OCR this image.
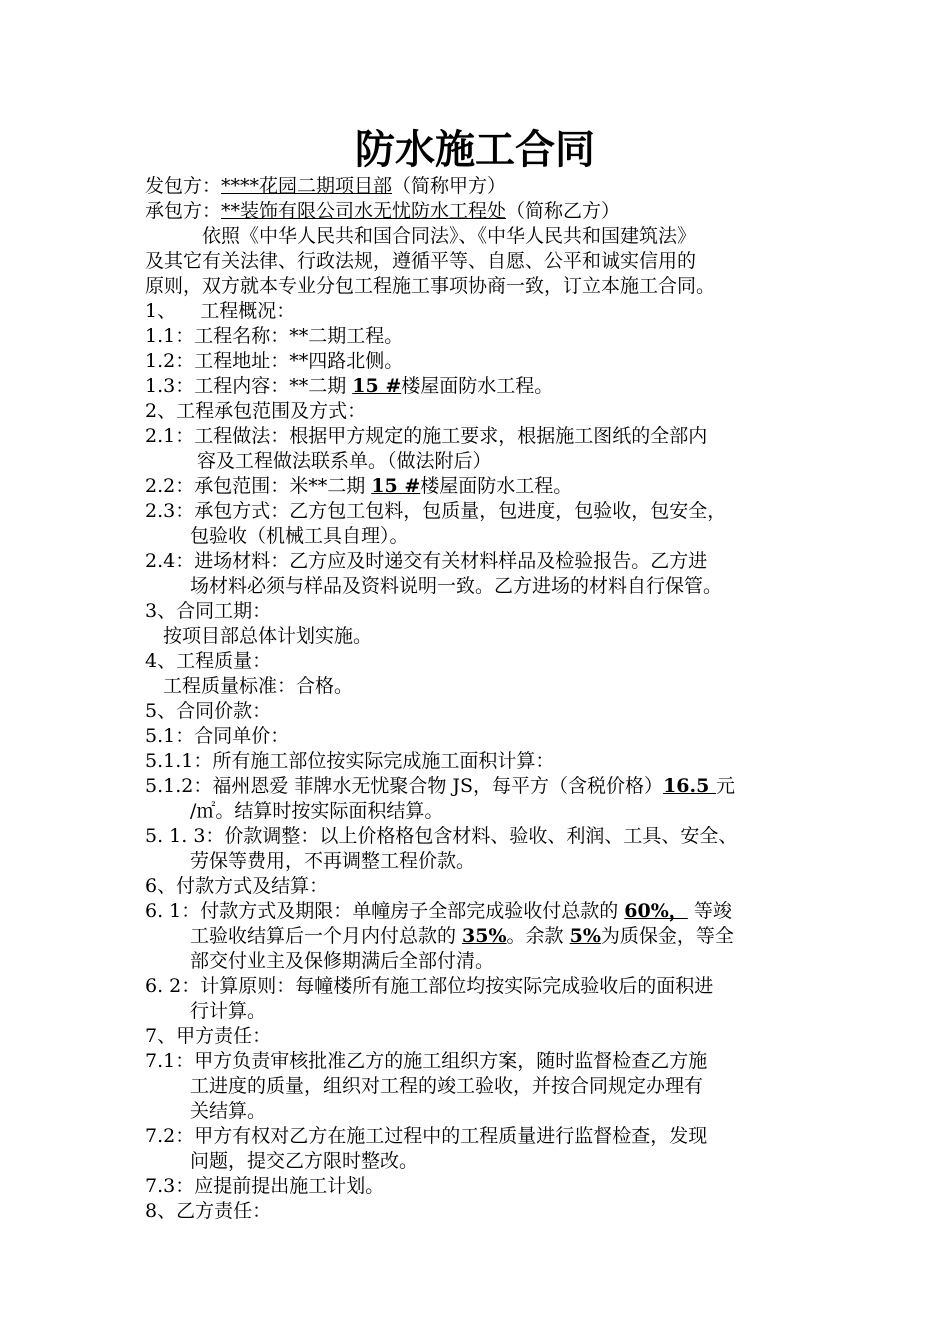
防水施工合同
发包方：****花园二期项目部（简称甲方）
承包方：**装饰有限公司水无忧防水工程处（简称乙方）
依照《中华人民共和国合同法》、《中华人民共和国建筑法》
及其它有关法律、行政法规，遵循平等、自愿、公平和诚实信用的
原则，双方就本专业分包工程施工事项协商一致，订立本施工合同。
1、    工程概况：
1.1：工程名称：**二期工程。
1.2：工程地址：**四路北侧。
1.3：工程内容：**二期 15 #楼屋面防水工程。
2、工程承包范围及方式：
2.1：工程做法：根据甲方规定的施工要求，根据施工图纸的全部内
容及工程做法联系单。（做法附后）
2.2：承包范围：米**二期 15 #楼屋面防水工程。
2.3：承包方式：乙方包工包料，包质量，包进度，包验收，包安全，
包验收（机械工具自理）。
2.4：进场材料：乙方应及时递交有关材料样品及检验报告。乙方进
场材料必须与样品及资料说明一致。乙方进场的材料自行保管。
3、合同工期：
按项目部总体计划实施。
4、工程质量：
工程质量标准：合格。
5、合同价款：
5.1：合同单价：
5.1.1：所有施工部位按实际完成施工面积计算：
5.1.2：福州恩爱 菲牌水无忧聚合物 JS，每平方（含税价格）16.5 元
/㎡。结算时按实际面积结算。
5. 1. 3：价款调整：以上价格格包含材料、验收、利润、工具、安全、
劳保等费用，不再调整工程价款。
6、付款方式及结算：
6. 1：付款方式及期限：单幢房子全部完成验收付总款的 60%， 等竣
工验收结算后一个月内付总款的 35%。余款 5%为质保金，等全
部交付业主及保修期满后全部付清。
6. 2：计算原则：每幢楼所有施工部位均按实际完成验收后的面积进
行计算。
7、甲方责任：
7.1：甲方负责审核批准乙方的施工组织方案，随时监督检查乙方施
工进度的质量，组织对工程的竣工验收，并按合同规定办理有
关结算。
7.2：甲方有权对乙方在施工过程中的工程质量进行监督检查，发现
问题，提交乙方限时整改。
7.3：应提前提出施工计划。
8、乙方责任：
